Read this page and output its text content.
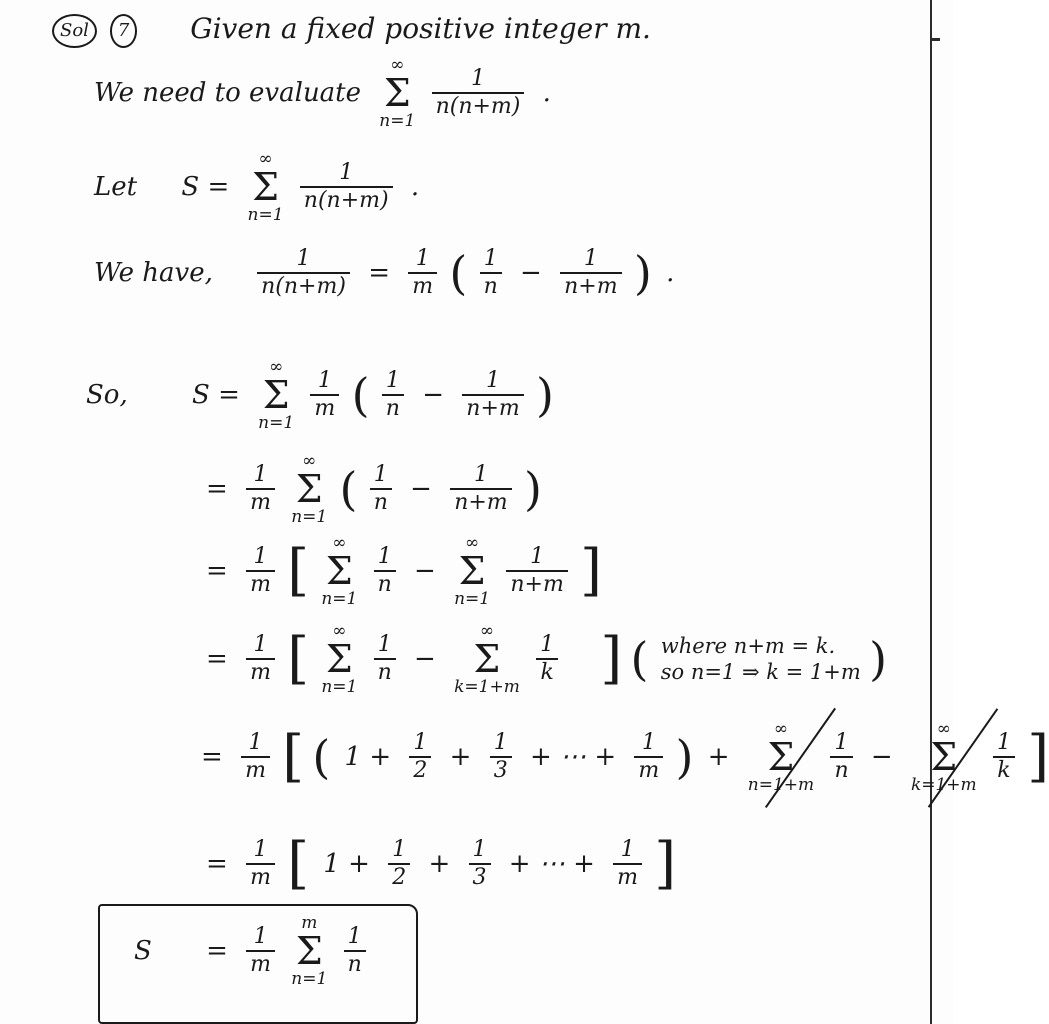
Sol 7 Given a fixed positive integer m.
We need to evaluate
∞
Σ
n=1

$\frac{1}{n(n+m)}$ .
Let S =
∞
Σ
n=1

$\frac{1}{n(n+m)}$ .
We have, $\frac{1}{n(n+m)} = \frac{1}{m}$ ( $\frac{1}{n} - \frac{1}{n+m}$ ) .
So, S =
∞
Σ
n=1

$\frac{1}{m}$ ( $\frac{1}{n} - \frac{1}{n+m}$ )
= $\frac{1}{m}$

∞
Σ
n=1
( $\frac{1}{n} - \frac{1}{n+m}$ )
= $\frac{1}{m}$ [	∞
Σ
n=1

$\frac{1}{n}$ −
∞
Σ
n=1

$\frac{1}{n+m}$ ]
= $\frac{1}{m}$ [	∞
Σ
n=1

$\frac{1}{n}$ −
∞
Σ
k=1+m

$\frac{1}{k}$ ] ( where n+m = k.
so n=1 ⇒ k = 1+m )
= $\frac{1}{m}$ [ ( $1 + \frac{1}{2} + \frac{1}{3}$ + ⋯ + $\frac{1}{m}$ ) +
∞
Σ
n=1+m

$\frac{1}{n}$ −
∞
Σ
k=1+m

$\frac{1}{k}$ ]
= $\frac{1}{m}$ [ $1 + \frac{1}{2} + \frac{1}{3}$ + ⋯ + $\frac{1}{m}$ ]
$S = \frac{1}{m}$

m
Σ
n=1

$\frac{1}{n}$
